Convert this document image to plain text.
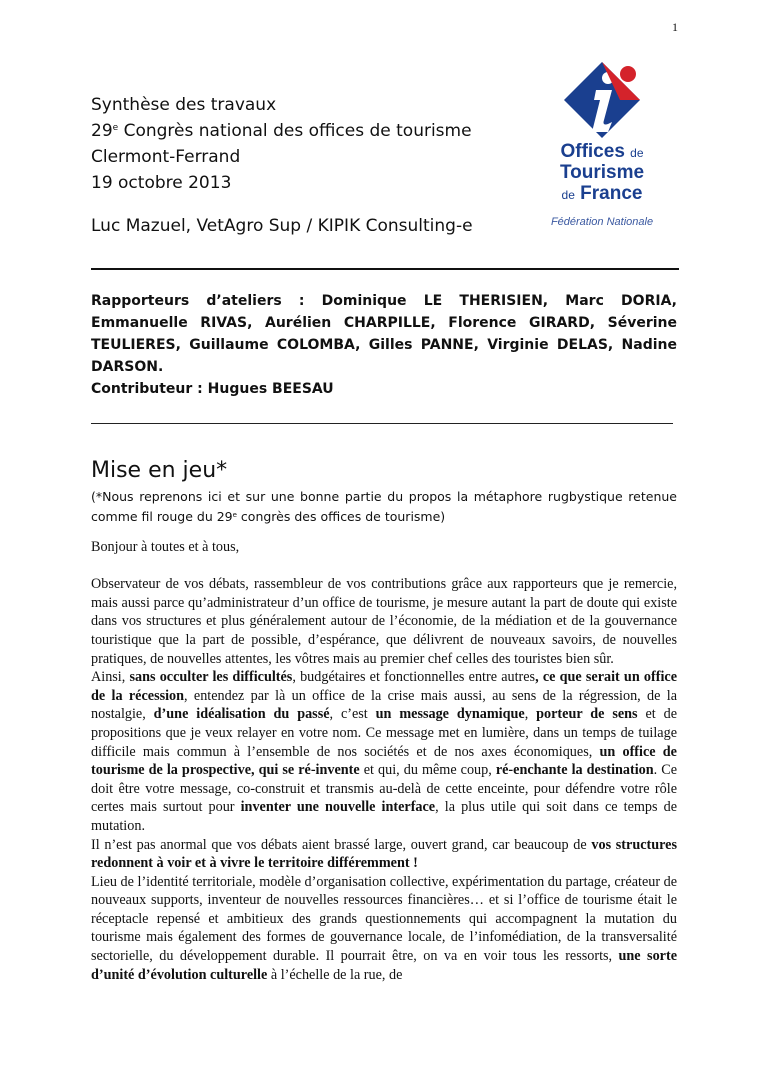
1
Synthèse des travaux
29e Congrès national des offices de tourisme
Clermont-Ferrand
19 octobre 2013
Luc Mazuel, VetAgro Sup / KIPIK Consulting-e
Offices de
Tourisme
de France
Fédération Nationale

Rapporteurs d’ateliers : Dominique LE THERISIEN, Marc DORIA, Emmanuelle RIVAS, Aurélien CHARPILLE, Florence GIRARD, Séverine TEULIERES, Guillaume COLOMBA, Gilles PANNE, Virginie DELAS, Nadine DARSON.

Contributeur : Hugues BEESAU

Mise en jeu*

(*Nous reprenons ici et sur une bonne partie du propos la métaphore rugbystique retenue comme fil rouge du 29e congrès des offices de tourisme)

Bonjour à toutes et à tous,

Observateur de vos débats, rassembleur de vos contributions grâce aux rapporteurs que je remercie, mais aussi parce qu’administrateur d’un office de tourisme, je mesure autant la part de doute qui existe dans vos structures et plus généralement autour de l’économie, de la médiation et de la gouvernance touristique que la part de possible, d’espérance, que délivrent de nouveaux savoirs, de nouvelles pratiques, de nouvelles attentes, les vôtres mais au premier chef celles des touristes bien sûr.

Ainsi, sans occulter les difficultés, budgétaires et fonctionnelles entre autres, ce que serait un office de la récession, entendez par là un office de la crise mais aussi, au sens de la régression, de la nostalgie, d’une idéalisation du passé, c’est un message dynamique, porteur de sens et de propositions que je veux relayer en votre nom. Ce message met en lumière, dans un temps de tuilage difficile mais commun à l’ensemble de nos sociétés et de nos axes économiques, un office de tourisme de la prospective, qui se ré-invente et qui, du même coup, ré-enchante la destination. Ce doit être votre message, co-construit et transmis au-delà de cette enceinte, pour défendre votre rôle certes mais surtout pour inventer une nouvelle interface, la plus utile qui soit dans ce temps de mutation.

Il n’est pas anormal que vos débats aient brassé large, ouvert grand, car beaucoup de vos structures redonnent à voir et à vivre le territoire différemment !

Lieu de l’identité territoriale, modèle d’organisation collective, expérimentation du partage, créateur de nouveaux supports, inventeur de nouvelles ressources financières… et si l’office de tourisme était le réceptacle repensé et ambitieux des grands questionnements qui accompagnent la mutation du tourisme mais également des formes de gouvernance locale, de l’infomédiation, de la transversalité sectorielle, du développement durable. Il pourrait être, on va en voir tous les ressorts, une sorte d’unité d’évolution culturelle à l’échelle de la rue, de
